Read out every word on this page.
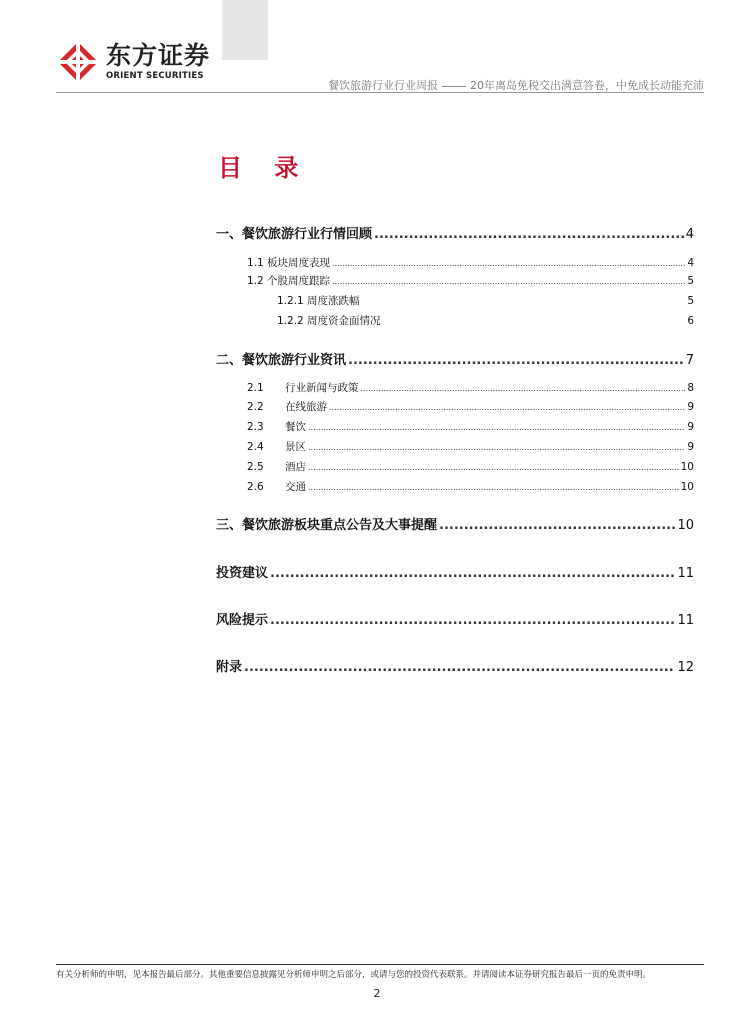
东方证券
ORIENT SECURITIES
餐饮旅游行业行业周报	20年离岛免税交出满意答卷，中免成长动能充沛
目 录
一、餐饮旅游行业行情回顾 .....	4
1.1 板块周度表现 .....	4
1.2 个股周度跟踪 .....	5
1.2.1 周度涨跌幅	5
1.2.2 周度资金面情况	6
二、餐饮旅游行业资讯 .....	7
2.1	行业新闻与政策 .....	8
2.2	在线旅游 .....	9
2.3	餐饮 .....	9
2.4	景区 .....	9
2.5	酒店 .....	10
2.6	交通 .....	10
三、餐饮旅游板块重点公告及大事提醒 .....	10
投资建议 .....	11
风险提示 .....	11
附录 .....	12
有关分析师的申明，见本报告最后部分。其他重要信息披露见分析师申明之后部分，或请与您的投资代表联系。并请阅读本证券研究报告最后一页的免责申明。
2
